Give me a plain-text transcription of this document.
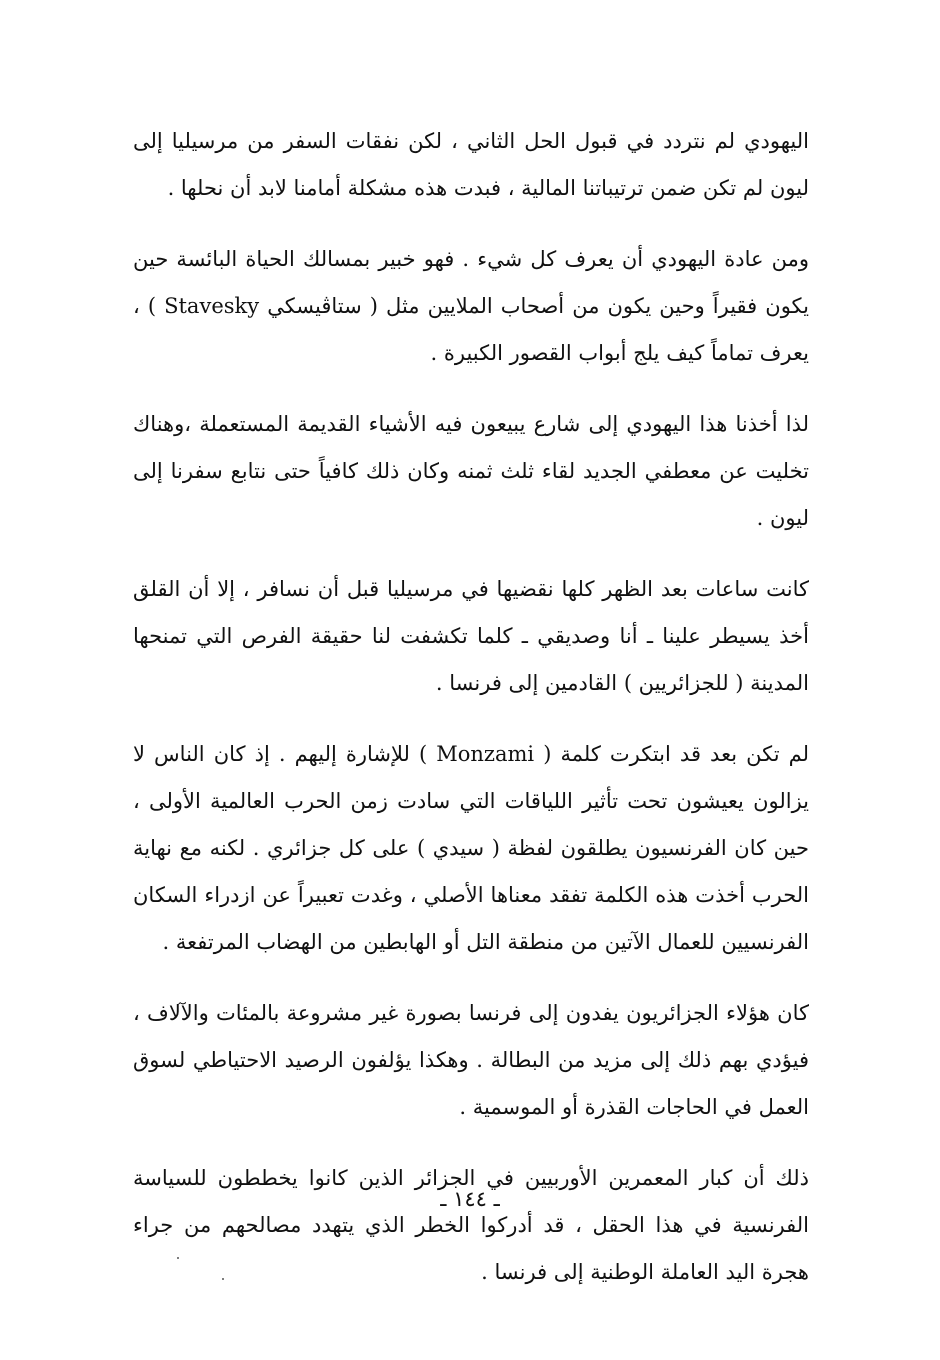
اليهودي لم نتردد في قبول الحل الثاني ، لكن نفقات السفر من مرسيليا إلى ليون لم تكن ضمن ترتيباتنا المالية ، فبدت هذه مشكلة أمامنا لابد أن نحلها .

ومن عادة اليهودي أن يعرف كل شيء . فهو خبير بمسالك الحياة البائسة حين يكون فقيراً وحين يكون من أصحاب الملايين مثل ( ستاڤيسكي Stavesky ) ، يعرف تماماً كيف يلج أبواب القصور الكبيرة .

لذا أخذنا هذا اليهودي إلى شارع يبيعون فيه الأشياء القديمة المستعملة ،وهناك تخليت عن معطفي الجديد لقاء ثلث ثمنه وكان ذلك كافياً حتى نتابع سفرنا إلى ليون .

كانت ساعات بعد الظهر كلها نقضيها في مرسيليا قبل أن نسافر ، إلا أن القلق أخذ يسيطر علينا ـ أنا وصديقي ـ كلما تكشفت لنا حقيقة الفرص التي تمنحها المدينة ( للجزائريين ) القادمين إلى فرنسا .

لم تكن بعد قد ابتكرت كلمة ( Monzami ) للإشارة إليهم . إذ كان الناس لا يزالون يعيشون تحت تأثير اللياقات التي سادت زمن الحرب العالمية الأولى ، حين كان الفرنسيون يطلقون لفظة ( سيدي ) على كل جزائري . لكنه مع نهاية الحرب أخذت هذه الكلمة تفقد معناها الأصلي ، وغدت تعبيراً عن ازدراء السكان الفرنسيين للعمال الآتين من منطقة التل أو الهابطين من الهضاب المرتفعة .

كان هؤلاء الجزائريون يفدون إلى فرنسا بصورة غير مشروعة بالمئات والآلاف ، فيؤدي بهم ذلك إلى مزيد من البطالة . وهكذا يؤلفون الرصيد الاحتياطي لسوق العمل في الحاجات القذرة أو الموسمية .

ذلك أن كبار المعمرين الأوربيين في الجزائر الذين كانوا يخططون للسياسة الفرنسية في هذا الحقل ، قد أدركوا الخطر الذي يتهدد مصالحهم من جراء هجرة اليد العاملة الوطنية إلى فرنسا .

ـ ١٤٤ ـ
